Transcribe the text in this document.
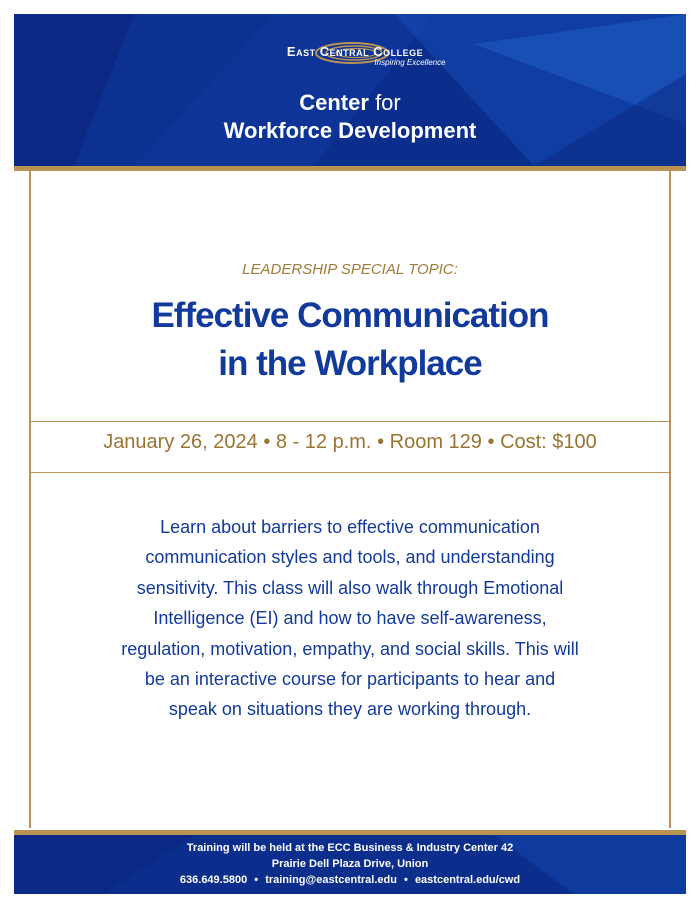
East Central College
Inspiring Excellence
Center for
Workforce Development
LEADERSHIP SPECIAL TOPIC:
Effective Communication
in the Workplace
January 26, 2024 • 8 - 12 p.m. • Room 129 • Cost: $100
Learn about barriers to effective communication communication styles and tools, and understanding sensitivity. This class will also walk through Emotional Intelligence (EI) and how to have self-awareness, regulation, motivation, empathy, and social skills. This will be an interactive course for participants to hear and speak on situations they are working through.
Training will be held at the ECC Business & Industry Center 42
Prairie Dell Plaza Drive, Union
636.649.5800 • training@eastcentral.edu • eastcentral.edu/cwd
